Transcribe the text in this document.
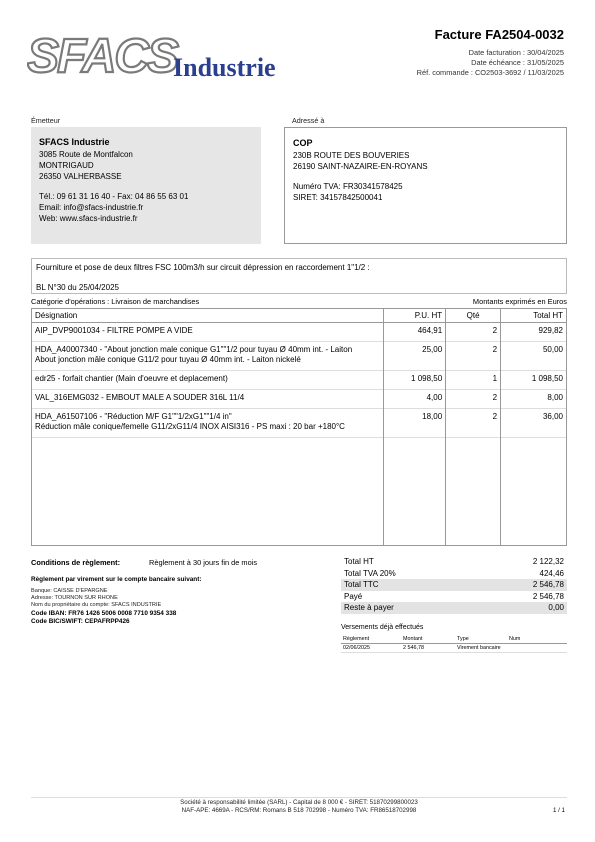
SFACS
Industrie
Facture FA2504-0032
Date facturation : 30/04/2025
Date échéance : 31/05/2025
Réf. commande : CO2503-3692 / 11/03/2025
Émetteur	Adressé à
SFACS Industrie
3085 Route de Montfalcon
MONTRIGAUD
26350 VALHERBASSE
Tél.: 09 61 31 16 40 - Fax: 04 86 55 63 01
Email: info@sfacs-industrie.fr
Web: www.sfacs-industrie.fr
COP
230B ROUTE DES BOUVERIES
26190 SAINT-NAZAIRE-EN-ROYANS
Numéro TVA: FR30341578425
SIRET: 34157842500041
Fourniture et pose de deux filtres FSC 100m3/h sur circuit dépression en raccordement 1"1/2 :
BL N°30 du 25/04/2025
Catégorie d'opérations : Livraison de marchandises	Montants exprimés en Euros
Désignation	P.U. HT	Qté	Total HT

AIP_DVP9001034 - FILTRE POMPE A VIDE	464,91	2	929,82

HDA_A40007340 - "About jonction male conique G1""1/2 pour tuyau Ø 40mm int. - Laiton
About jonction mâle conique G11/2 pour tuyau Ø 40mm int. - Laiton nickelé	25,00	2	50,00

edr25 - forfait chantier (Main d'oeuvre et deplacement)	1 098,50	1	1 098,50

VAL_316EMG032 - EMBOUT MALE A SOUDER 316L 11/4	4,00	2	8,00

HDA_A61507106 - "Réduction M/F G1""1/2xG1""1/4 in"
Réduction mâle conique/femelle G11/2xG11/4 INOX AISI316 - PS maxi : 20 bar +180°C	18,00	2	36,00

Conditions de règlement:	Règlement à 30 jours fin de mois
Règlement par virement sur le compte bancaire suivant:
Banque: CAISSE D'EPARGNE
Adresse: TOURNON SUR RHONE
Nom du propriétaire du compte: SFACS INDUSTRIE
Code IBAN: FR76 1426 5006 0008 7710 9354 338
Code BIC/SWIFT: CEPAFRPP426
Total HT	2 122,32
Total TVA 20%	424,46
Total TTC	2 546,78
Payé	2 546,78
Reste à payer	0,00
Versements déjà effectués
Règlement	Montant	Type	Num
02/06/2025	2 546,78	Virement bancaire	
Société à responsabilité limitée (SARL) - Capital de 8 000 € - SIRET: 51870299800023
NAF-APE: 4669A - RCS/RM: Romans B 518 702998 - Numéro TVA: FR86518702998	1 / 1
